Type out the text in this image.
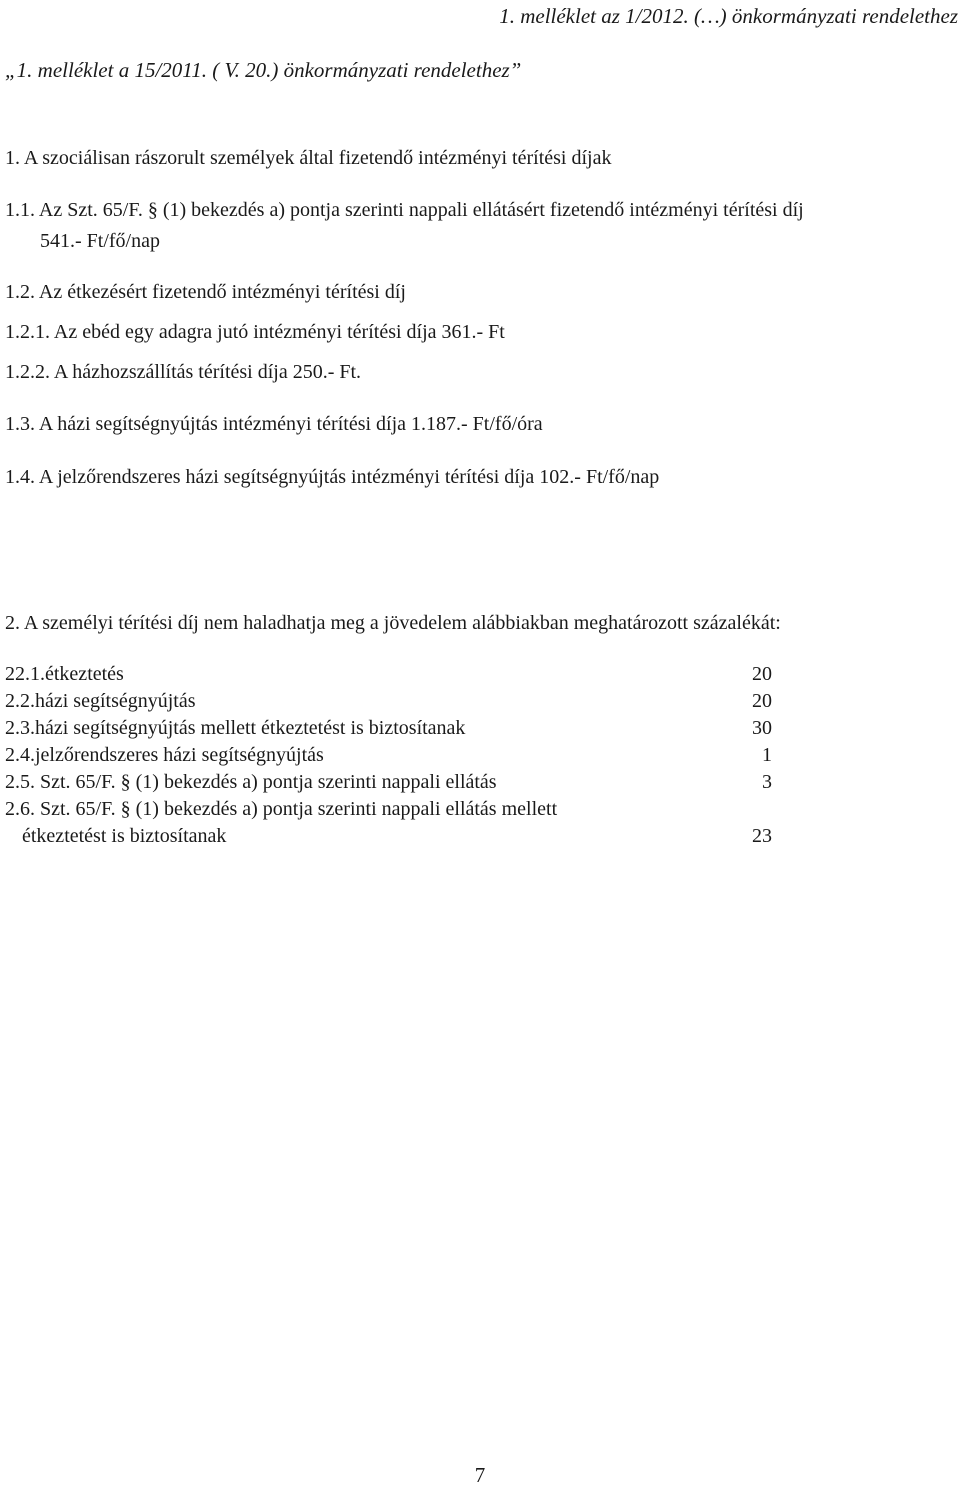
1. melléklet az 1/2012. (…) önkormányzati rendelethez
„1. melléklet a 15/2011. ( V. 20.) önkormányzati rendelethez”
1. A szociálisan rászorult személyek által fizetendő intézményi térítési díjak
1.1. Az Szt. 65/F. § (1) bekezdés a) pontja szerinti nappali ellátásért fizetendő intézményi térítési díj
541.- Ft/fő/nap
1.2. Az étkezésért fizetendő intézményi térítési díj
1.2.1. Az ebéd egy adagra jutó intézményi térítési díja 361.- Ft
1.2.2. A házhozszállítás térítési díja 250.- Ft.
1.3. A házi segítségnyújtás intézményi térítési díja 1.187.- Ft/fő/óra
1.4. A jelzőrendszeres házi segítségnyújtás intézményi térítési díja 102.- Ft/fő/nap
2. A személyi térítési díj nem haladhatja meg a jövedelem alábbiakban meghatározott százalékát:
22.1.étkeztetés	20
2.2.házi segítségnyújtás	20
2.3.házi segítségnyújtás mellett étkeztetést is biztosítanak	30
2.4.jelzőrendszeres házi segítségnyújtás	1
2.5. Szt. 65/F. § (1) bekezdés a) pontja szerinti nappali ellátás	3
2.6. Szt. 65/F. § (1) bekezdés a) pontja szerinti nappali ellátás mellett
étkeztetést is biztosítanak	23
7
